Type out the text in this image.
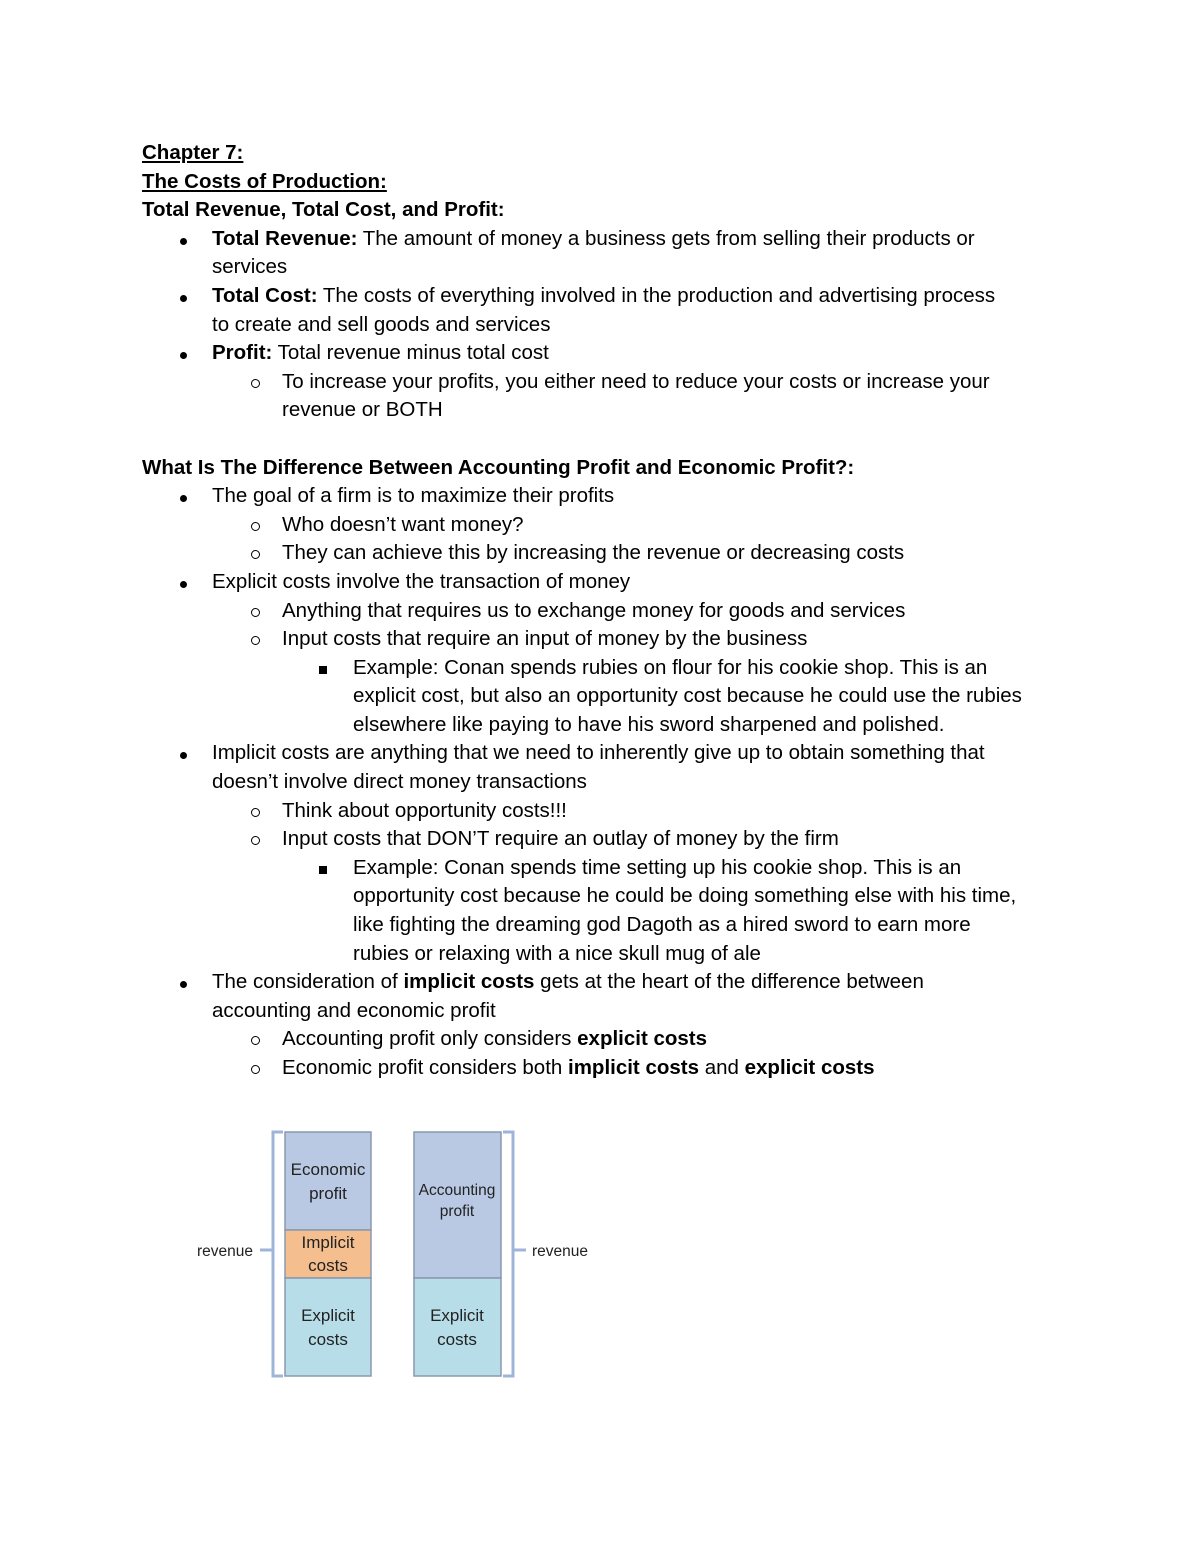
Chapter 7:
The Costs of Production:
Total Revenue, Total Cost, and Profit:
Total Revenue: The amount of money a business gets from selling their products or
services
Total Cost: The costs of everything involved in the production and advertising process
to create and sell goods and services
Profit: Total revenue minus total cost
To increase your profits, you either need to reduce your costs or increase your
revenue or BOTH
What Is The Difference Between Accounting Profit and Economic Profit?:
The goal of a firm is to maximize their profits
Who doesn’t want money?
They can achieve this by increasing the revenue or decreasing costs
Explicit costs involve the transaction of money
Anything that requires us to exchange money for goods and services
Input costs that require an input of money by the business
Example: Conan spends rubies on flour for his cookie shop. This is an
explicit cost, but also an opportunity cost because he could use the rubies
elsewhere like paying to have his sword sharpened and polished.
Implicit costs are anything that we need to inherently give up to obtain something that
doesn’t involve direct money transactions
Think about opportunity costs!!!
Input costs that DON’T require an outlay of money by the firm
Example: Conan spends time setting up his cookie shop. This is an
opportunity cost because he could be doing something else with his time,
like fighting the dreaming god Dagoth as a hired sword to earn more
rubies or relaxing with a nice skull mug of ale
The consideration of implicit costs gets at the heart of the difference between
accounting and economic profit
Accounting profit only considers explicit costs
Economic profit considers both implicit costs and explicit costs
Economic
profit
Implicit
costs
Explicit
costs
revenue
Accounting
profit
Explicit
costs
revenue
